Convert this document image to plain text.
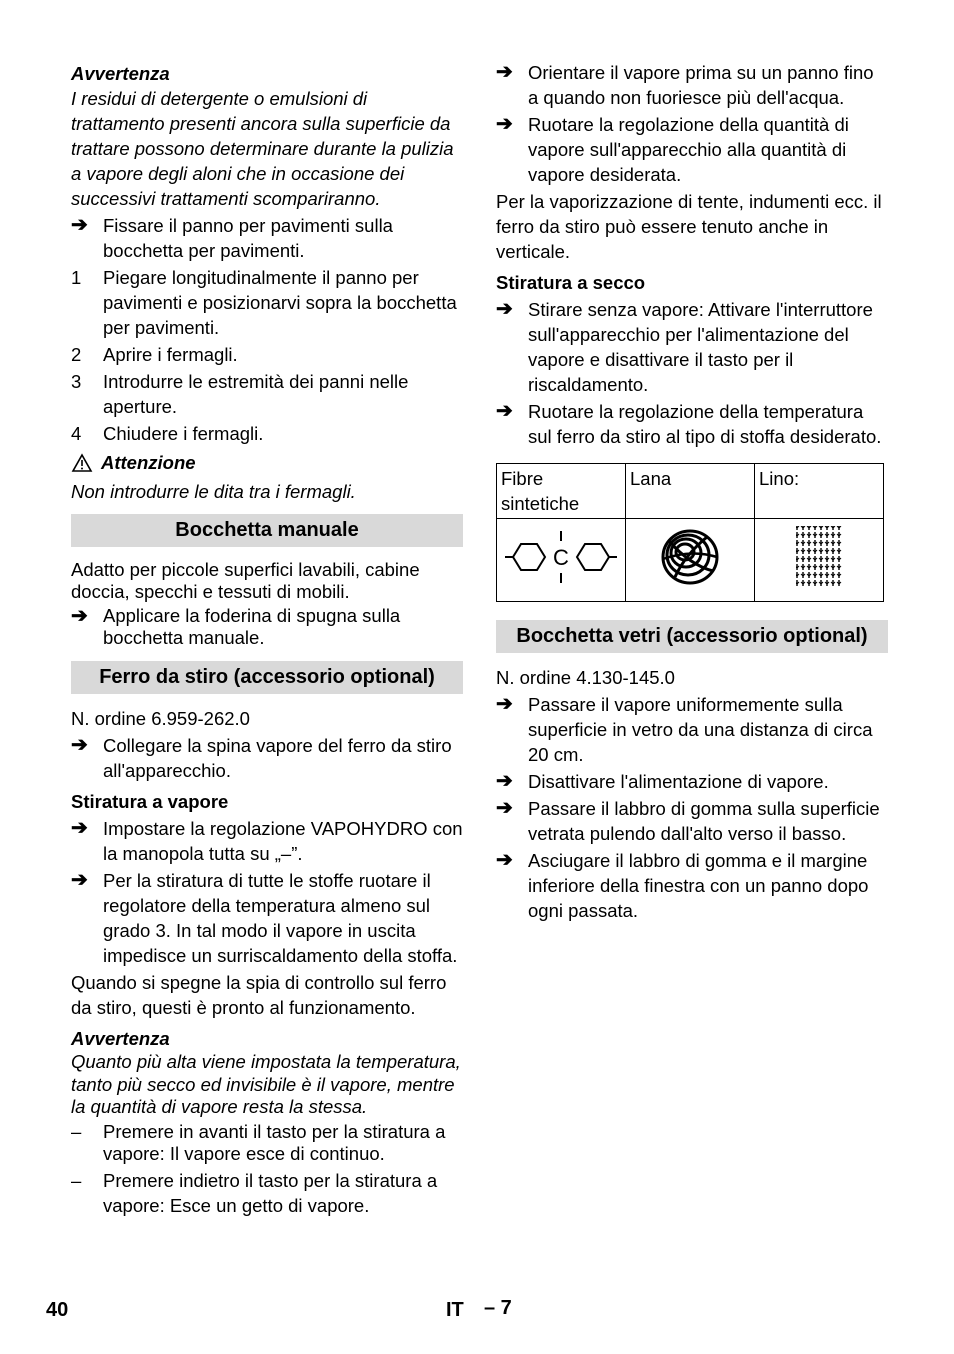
Avvertenza

I residui di detergente o emulsioni di trattamento presenti ancora sulla superficie da trattare possono determinare durante la pulizia a vapore degli aloni che in occasione dei successivi trattamenti scompariranno.

➔ Fissare il panno per pavimenti sulla bocchetta per pavimenti.
1	Piegare longitudinalmente il panno per pavimenti e posizionarvi sopra la bocchetta per pavimenti.
2	Aprire i fermagli.
3	Introdurre le estremità dei panni nelle aperture.
4	Chiudere i fermagli.
Attenzione

Non introdurre le dita tra i fermagli.

Bocchetta manuale

Adatto per piccole superfici lavabili, cabine doccia, specchi e tessuti di mobili.

➔ Applicare la foderina di spugna sulla bocchetta manuale.
Ferro da stiro (accessorio optional)

N. ordine 6.959-262.0

➔ Collegare la spina vapore del ferro da stiro all'apparecchio.

Stiratura a vapore

➔ Impostare la regolazione VAPOHYDRO con la manopola tutta su „–”.
➔ Per la stiratura di tutte le stoffe ruotare il regolatore della temperatura almeno sul grado 3. In tal modo il vapore in uscita impedisce un surriscaldamento della stoffa.

Quando si spegne la spia di controllo sul ferro da stiro, questi è pronto al funzionamento.

Avvertenza

Quanto più alta viene impostata la temperatura, tanto più secco ed invisibile è il vapore, mentre la quantità di vapore resta la stessa.

–	Premere in avanti il tasto per la stiratura a vapore: Il vapore esce di continuo.
–	Premere indietro il tasto per la stiratura a vapore: Esce un getto di vapore.
➔ Orientare il vapore prima su un panno fino a quando non fuoriesce più dell'acqua.
➔ Ruotare la regolazione della quantità di vapore sull'apparecchio alla quantità di vapore desiderata.

Per la vaporizzazione di tente, indumenti ecc. il ferro da stiro può essere tenuto anche in verticale.

Stiratura a secco

➔ Stirare senza vapore: Attivare l'interruttore sull'apparecchio per l'alimentazione del vapore e disattivare il tasto per il riscaldamento.
➔ Ruotare la regolazione della temperatura sul ferro da stiro al tipo di stoffa desiderato.
Fibre sintetiche	Lana	Lino:

C

Bocchetta vetri (accessorio optional)

N. ordine 4.130-145.0

➔ Passare il vapore uniformemente sulla superficie in vetro da una distanza di circa 20 cm.
➔ Disattivare l'alimentazione di vapore.
➔ Passare il labbro di gomma sulla superficie vetrata pulendo dall'alto verso il basso.
➔ Asciugare il labbro di gomma e il margine inferiore della finestra con un panno dopo ogni passata.
40	IT – 7
